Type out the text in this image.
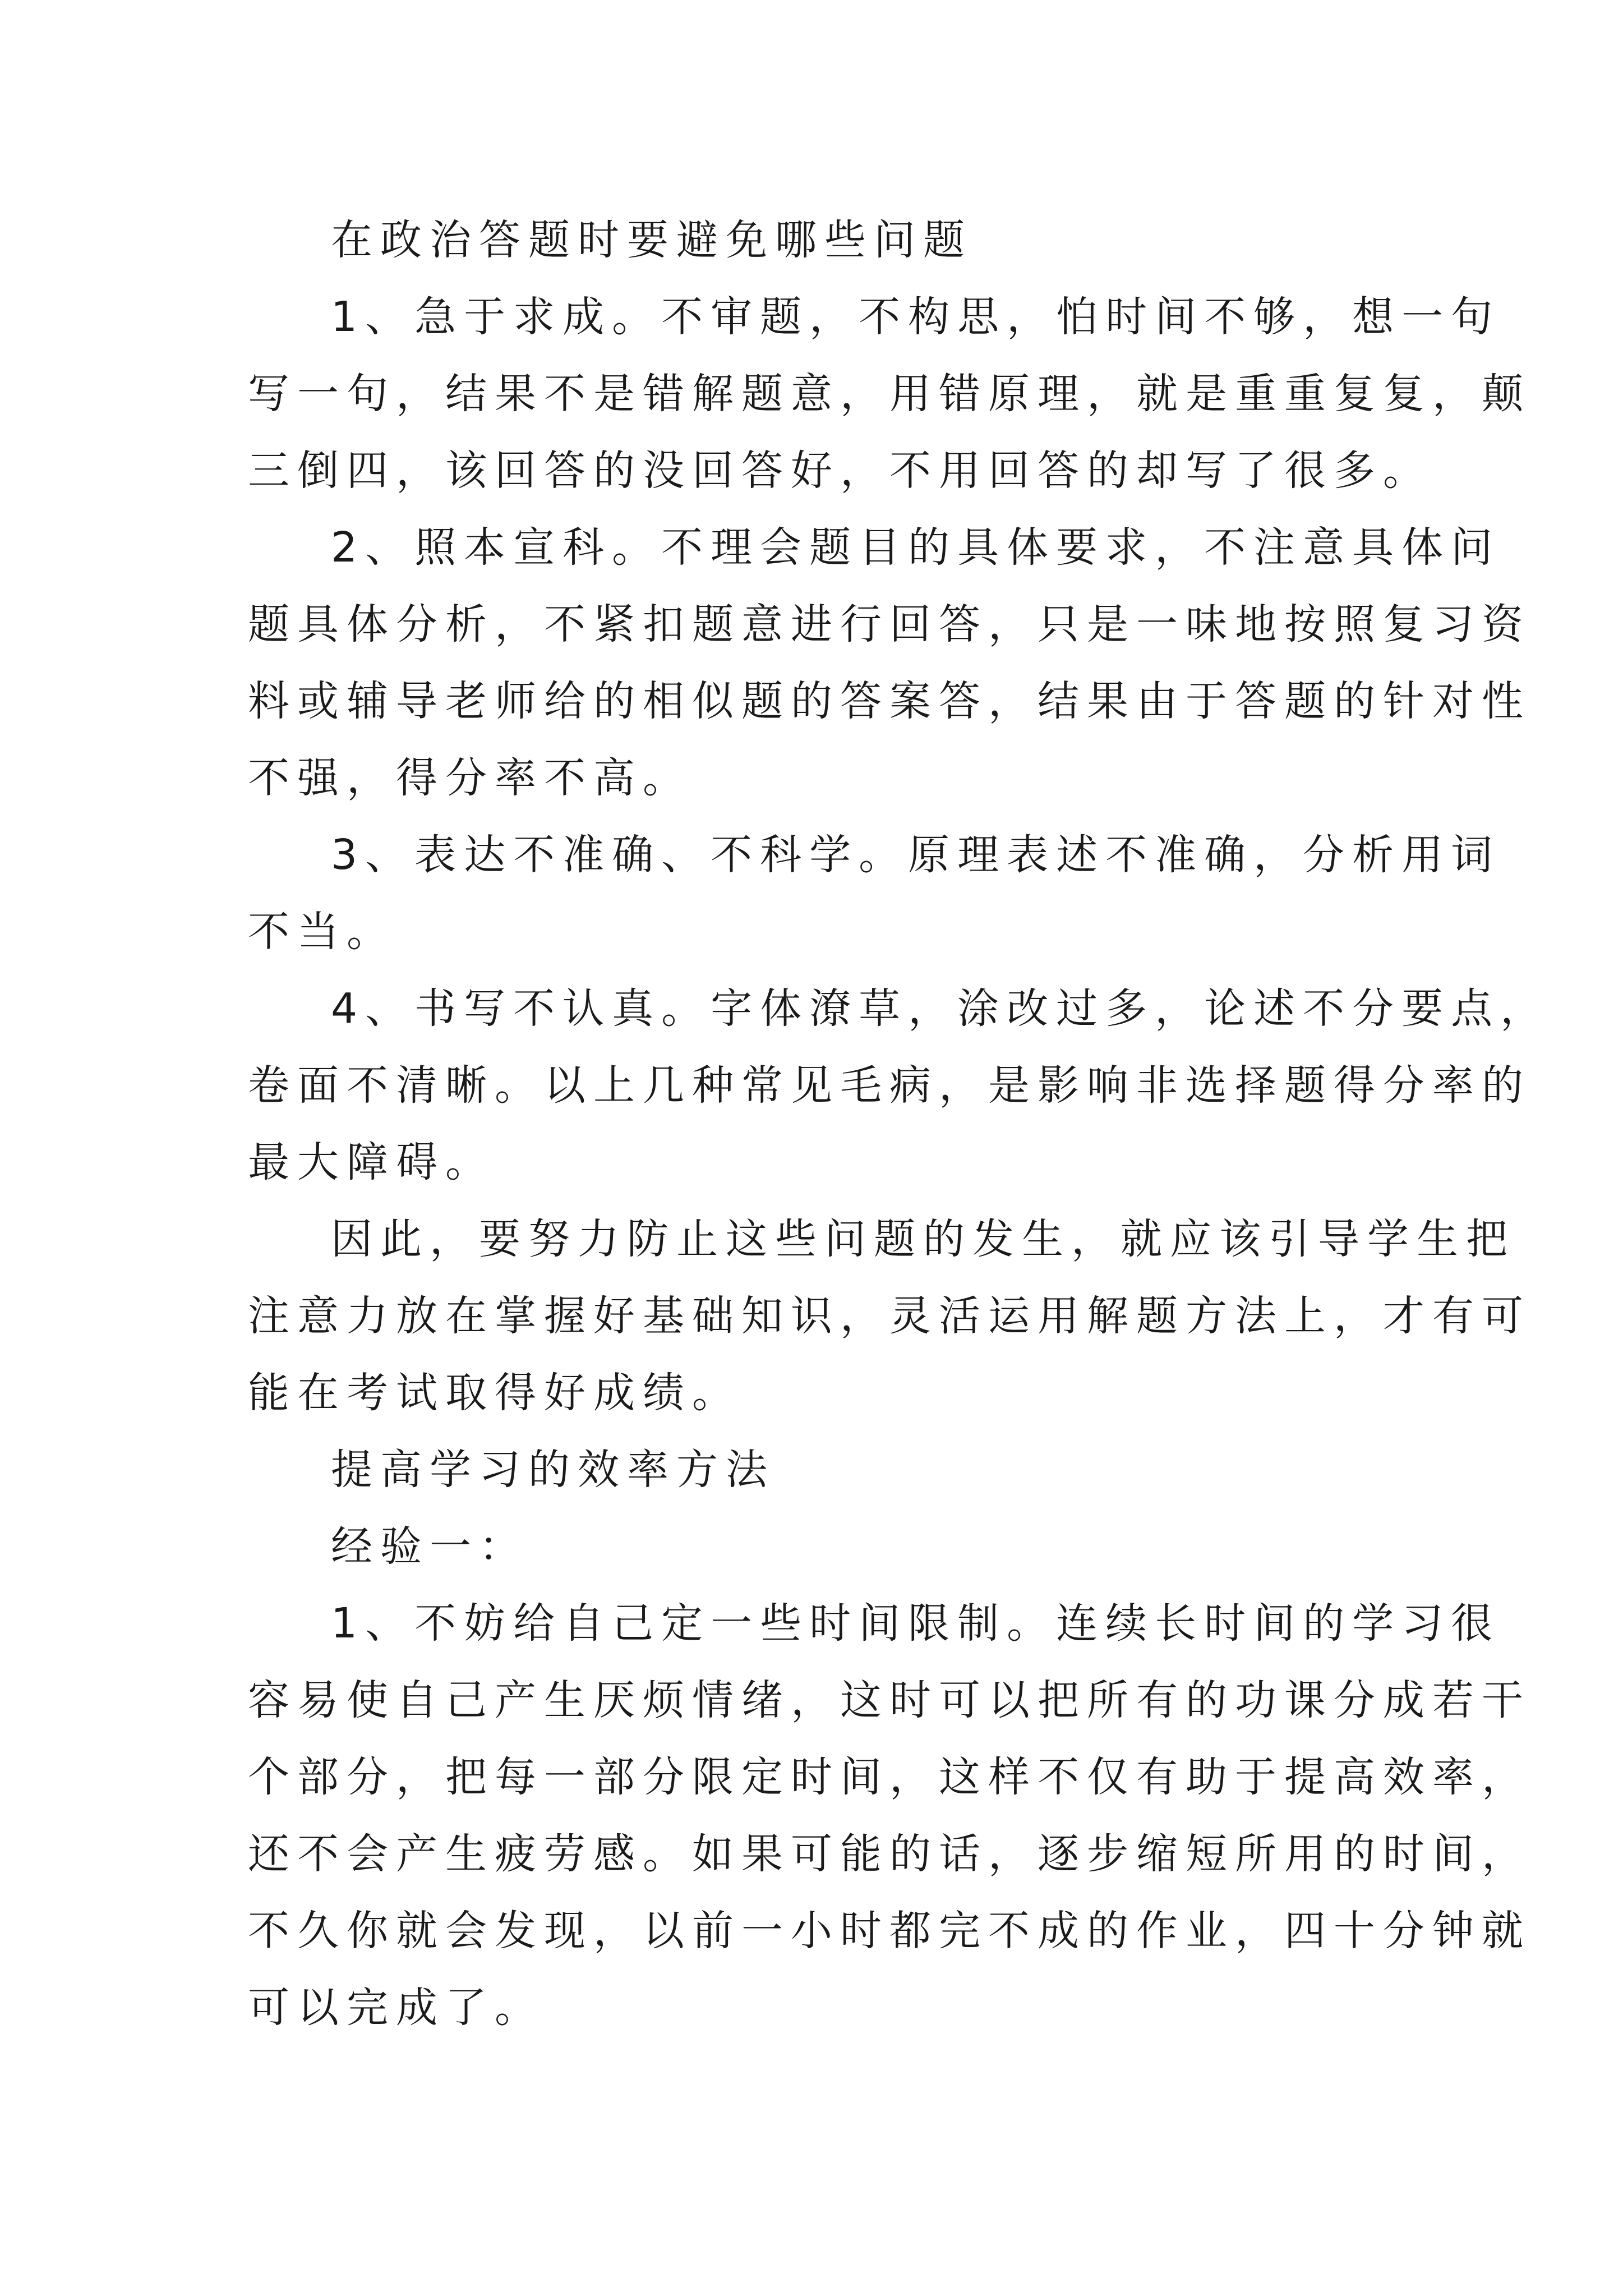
在政治答题时要避免哪些问题

1、急于求成。不审题，不构思，怕时间不够，想一句
写一句，结果不是错解题意，用错原理，就是重重复复，颠
三倒四，该回答的没回答好，不用回答的却写了很多。

2、照本宣科。不理会题目的具体要求，不注意具体问
题具体分析，不紧扣题意进行回答，只是一味地按照复习资
料或辅导老师给的相似题的答案答，结果由于答题的针对性
不强，得分率不高。

3、表达不准确、不科学。原理表述不准确，分析用词
不当。

4、书写不认真。字体潦草，涂改过多，论述不分要点，
卷面不清晰。以上几种常见毛病，是影响非选择题得分率的
最大障碍。

因此，要努力防止这些问题的发生，就应该引导学生把
注意力放在掌握好基础知识，灵活运用解题方法上，才有可
能在考试取得好成绩。

提高学习的效率方法

经验一：

1、不妨给自己定一些时间限制。连续长时间的学习很
容易使自己产生厌烦情绪，这时可以把所有的功课分成若干
个部分，把每一部分限定时间，这样不仅有助于提高效率，
还不会产生疲劳感。如果可能的话，逐步缩短所用的时间，
不久你就会发现，以前一小时都完不成的作业，四十分钟就
可以完成了。
